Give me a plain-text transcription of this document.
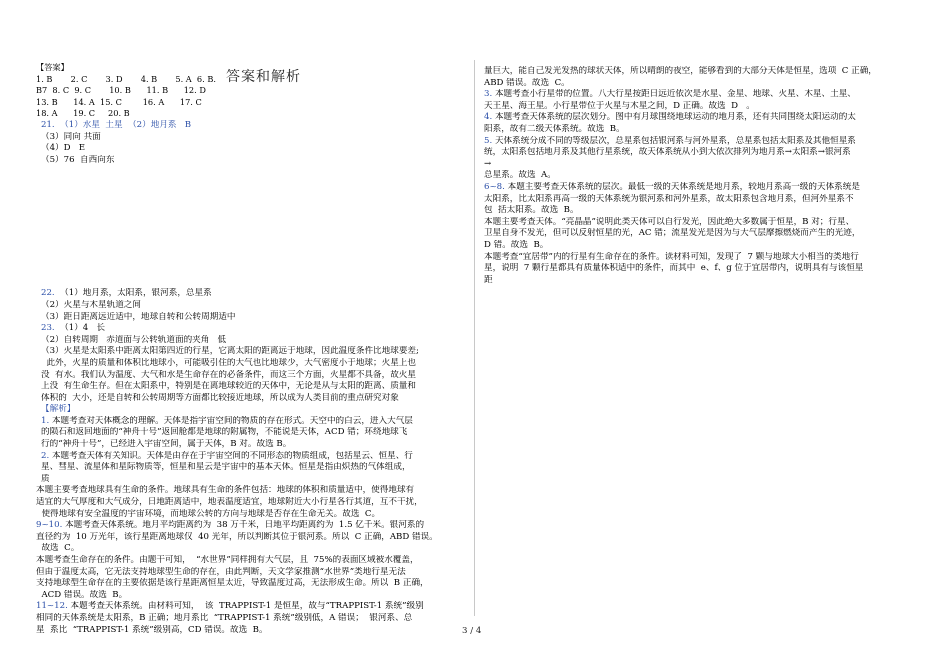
答案和解析
【答案】
1. B       2. C       3. D       4. B       5. A  6. B.
B7  8. C  9. C       10. B      11. B      12. D
13. B      14. A  15. C        16. A      17. C
18. A      19. C     20. B
21.  （1）水星  土星  （2）地月系   B
（3）同向 共面
（4）D   E
（5）76  自西向东
22.  （1）地月系，太阳系，银河系，总星系
（2）火星与木星轨道之间
（3）距日距离远近适中，地球自转和公转周期适中
23.  （1）4   长
（2）自转周期   赤道面与公转轨道面的夹角   低
（3）火星是太阳系中距离太阳第四近的行星，它离太阳的距离远于地球，因此温度条件比地球要差;
此外，火星的质量和体积比地球小，可能吸引住的大气也比地球少，大气密度小于地球；火星上也
没  有水。我们认为温度、大气和水是生命存在的必备条件，而这三个方面，火星都不具备，故火星
上没  有生命生存。但在太阳系中，特别是在离地球较近的天体中，无论是从与太阳的距离、质量和
体积的  大小，还是自转和公转周期等方面都比较接近地球，所以成为人类目前的重点研究对象
【解析】
1. 本题考查对天体概念的理解。天体是指宇宙空间的物质的存在形式。天空中的白云，进入大气层
的陨石和返回地面的“神舟十号”返回舱都是地球的附属物，不能说是天体，ACD 错；环绕地球飞
行的“神舟十号”，已经进入宇宙空间，属于天体，B 对。故选 B。
2. 本题考查天体有关知识。天体是由存在于宇宙空间的不同形态的物质组成，包括星云、恒星、行
星、彗星、流星体和星际物质等，恒星和星云是宇宙中的基本天体。恒星是指由炽热的气体组成，
质
本题主要考查地球具有生命的条件。地球具有生命的条件包括：地球的体积和质量适中，使得地球有
适宜的大气厚度和大气成分，日地距离适中，地表温度适宜，地球附近大小行星各行其道，互不干扰，
使得地球有安全温度的宇宙环境，而地球公转的方向与地球是否存在生命无关。故选  C。
9~10. 本题考查天体系统。地月平均距离约为  38 万千米，日地平均距离约为  1.5 亿千米。银河系的
直径约为  10 万光年，该行星距离地球仅  40 光年，所以判断其位于银河系。所以  C 正确，ABD 错误。
故选  C。
本题考查生命存在的条件。由题干可知，  “水世界”同样拥有大气层，且  75%的表面区域被水覆盖，
但由于温度太高，它无法支持地球型生命的存在，由此判断，天文学家推测“水世界”类地行星无法
支持地球型生命存在的主要依据是该行星距离恒星太近，导致温度过高，无法形成生命。所以  B 正确，
ACD 错误。故选  B。
11~12. 本题考查天体系统。由材料可知，  该  TRAPPIST-1 是恒星，故与“TRAPPIST-1 系统”级别
相同的天体系统是太阳系，B 正确；地月系比  “TRAPPIST-1 系统”级别低，A 错误；  银河系、总
星  系比  “TRAPPIST-1 系统”级别高，CD 错误。故选  B。
量巨大，能自己发光发热的球状天体，所以晴朗的夜空，能够看到的大部分天体是恒星，选项  C 正确，
ABD 错误。故选  C。
3. 本题考查小行星带的位置。八大行星按距日远近依次是水星、金星、地球、火星、木星、土星、
天王星、海王星。小行星带位于火星与木星之间，D 正确。故选  D   。
4. 本题考查天体系统的层次划分。图中有月球围绕地球运动的地月系，还有共同围绕太阳运动的太
阳系，故有二级天体系统。故选  B。
5. 天体系统分成不同的等级层次，总星系包括银河系与河外星系，总星系包括太阳系及其他恒星系
统，太阳系包括地月系及其他行星系统，故天体系统从小到大依次排列为地月系→太阳系→银河系
→
总星系。故选  A。
6~8. 本题主要考查天体系统的层次。最低一级的天体系统是地月系，较地月系高一级的天体系统是
太阳系，比太阳系再高一级的天体系统为银河系和河外星系，故太阳系包含地月系，但河外星系不
包  括太阳系。故选  B。
本题主要考查天体。“亮晶晶”说明此类天体可以自行发光，因此绝大多数属于恒星，B 对；行星、
卫星自身不发光，但可以反射恒星的光，AC 错；流星发光是因为与大气层摩擦燃烧而产生的光迹，
D 错。故选  B。
本题考查“宜居带”内的行星有生命存在的条件。读材料可知，发现了  7 颗与地球大小相当的类地行
星，说明  7 颗行星都具有质量体积适中的条件，而其中  e、f、g 位于宜居带内，说明具有与该恒星
距
3 / 4
